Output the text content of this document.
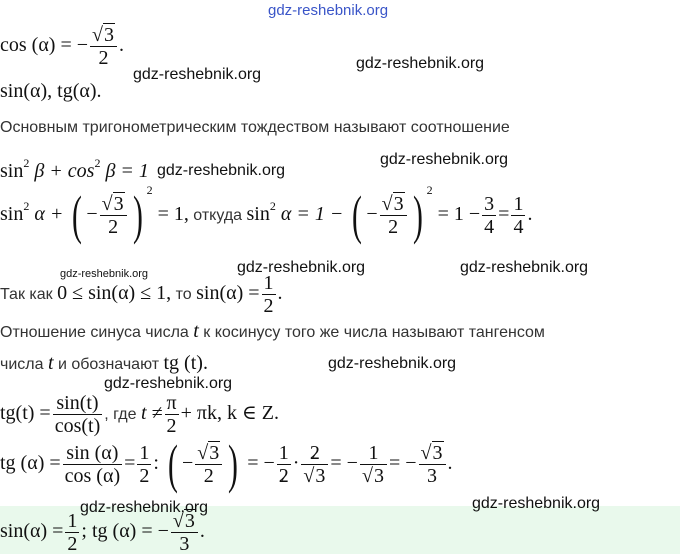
gdz-reshebnik.org
gdz-reshebnik.org
gdz-reshebnik.org
gdz-reshebnik.org
gdz-reshebnik.org
gdz-reshebnik.org	gdz-reshebnik.org	gdz-reshebnik.org
gdz-reshebnik.org
gdz-reshebnik.org
gdz-reshebnik.org	gdz-reshebnik.org
cos (α) = − $\frac{√3}{2}$ .
sin(α), tg(α).
Основным тригонометрическим тождеством называют соотношение
$\sin^2 \beta + \cos^2 \beta = 1$
$\sin^2 \alpha$ + ( − $\frac{√3}{2}$ ) $^2$ = 1, откуда $\sin^2 \alpha = 1$ − ( − $\frac{√3}{2}$ ) $^2 = 1 - \frac{3}{4} = \frac{1}{4}$ .
Так как 0 ≤ sin(α) ≤ 1, то $\sin(\alpha) = \frac{1}{2}$ .
Отношение синуса числа t к косинусу того же числа называют тангенсом
числа t и обозначают tg (t).
$tg(t) = \frac{\sin(t)}{\cos(t)}$ , где $t \ne \frac{\pi}{2} + \pi k$, k ∈ Z.
tg $(\alpha) = \frac{\sin (\alpha)}{\cos (\alpha)} = \frac{1}{2}$ : ( − $\frac{√3}{2}$ ) = − $\frac{1}{2} \cdot \frac{2}{√3}$ = − $\frac{1}{√3}$ = − $\frac{√3}{3}$ .
$\sin(\alpha) = \frac{1}{2}$ ; tg (α) = − $\frac{√3}{3}$ .
